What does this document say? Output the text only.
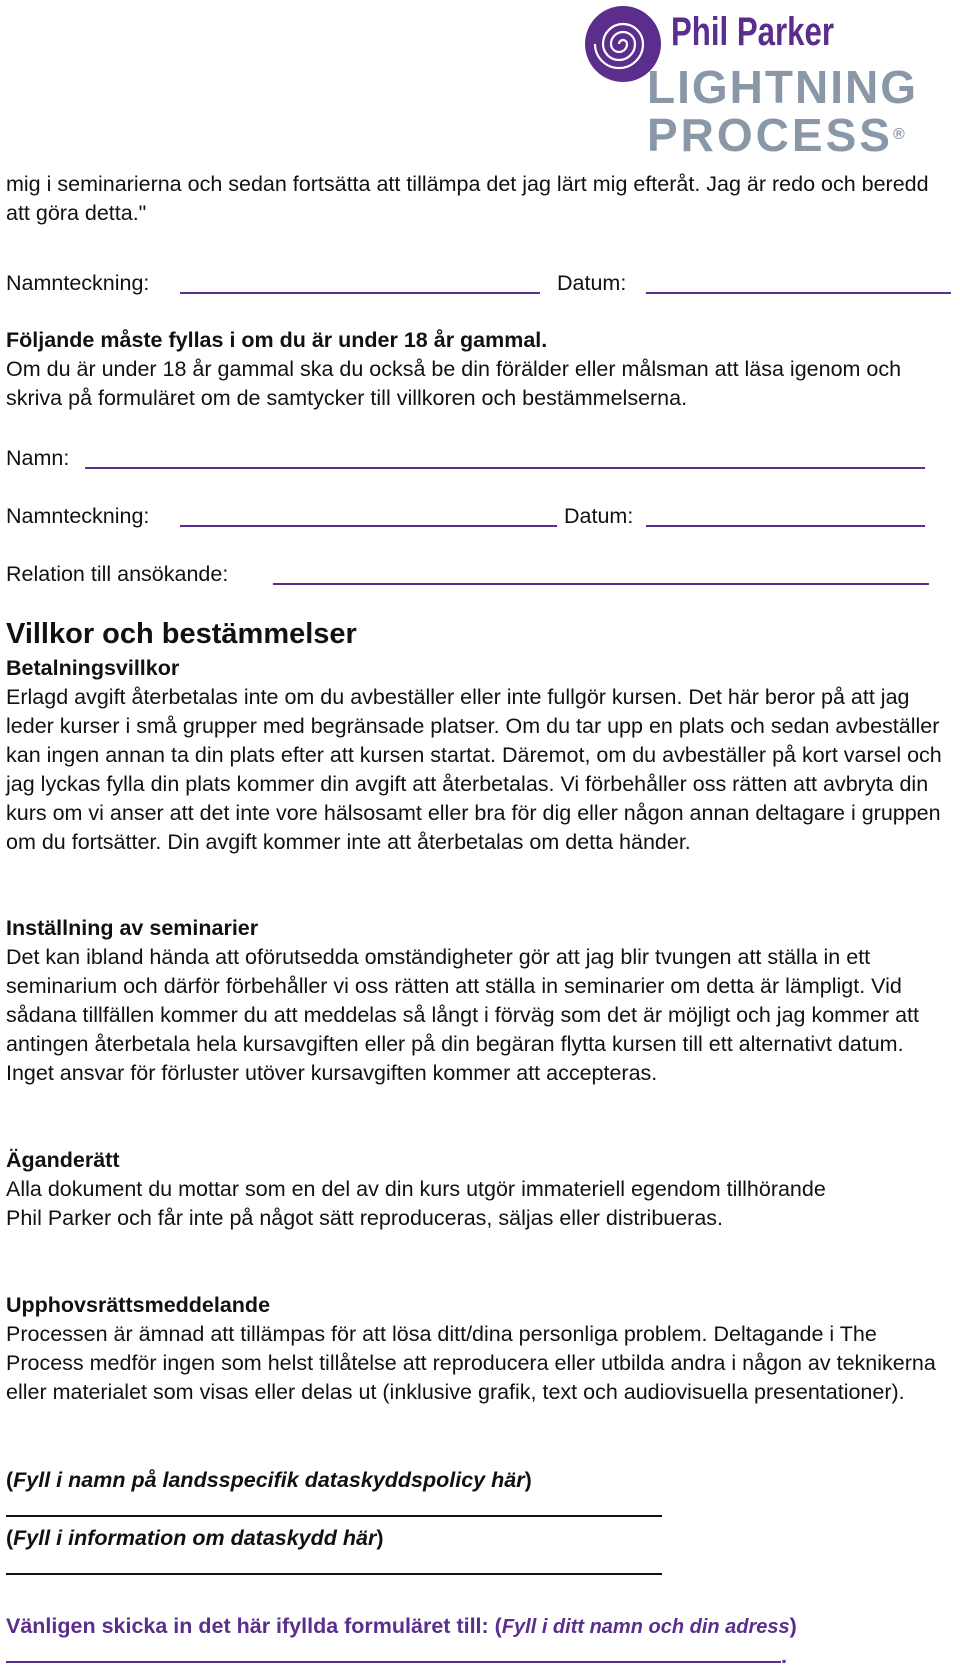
Phil Parker
LIGHTNING
PROCESS®

mig i seminarierna och sedan fortsätta att tillämpa det jag lärt mig efteråt. Jag är redo och beredd att göra detta."

Namnteckning:	Datum:

Följande måste fyllas i om du är under 18 år gammal.

Om du är under 18 år gammal ska du också be din förälder eller målsman att läsa igenom och skriva på formuläret om de samtycker till villkoren och bestämmelserna.

Namn:
Namnteckning:	Datum:
Relation till ansökande:
Villkor och bestämmelser
Betalningsvillkor

Erlagd avgift återbetalas inte om du avbeställer eller inte fullgör kursen. Det här beror på att jag leder kurser i små grupper med begränsade platser. Om du tar upp en plats och sedan avbeställer kan ingen annan ta din plats efter att kursen startat. Däremot, om du avbeställer på kort varsel och jag lyckas fylla din plats kommer din avgift att återbetalas. Vi förbehåller oss rätten att avbryta din kurs om vi anser att det inte vore hälsosamt eller bra för dig eller någon annan deltagare i gruppen om du fortsätter. Din avgift kommer inte att återbetalas om detta händer.

Inställning av seminarier

Det kan ibland hända att oförutsedda omständigheter gör att jag blir tvungen att ställa in ett seminarium och därför förbehåller vi oss rätten att ställa in seminarier om detta är lämpligt. Vid sådana tillfällen kommer du att meddelas så långt i förväg som det är möjligt och jag kommer att antingen återbetala hela kursavgiften eller på din begäran flytta kursen till ett alternativt datum. Inget ansvar för förluster utöver kursavgiften kommer att accepteras.

Äganderätt

Alla dokument du mottar som en del av din kurs utgör immateriell egendom tillhörande Phil Parker och får inte på något sätt reproduceras, säljas eller distribueras.

Upphovsrättsmeddelande

Processen är ämnad att tillämpas för att lösa ditt/dina personliga problem. Deltagande i The Process medför ingen som helst tillåtelse att reproducera eller utbilda andra i någon av teknikerna eller materialet som visas eller delas ut (inklusive grafik, text och audiovisuella presentationer).

(Fyll i namn på landsspecifik dataskyddspolicy här)
(Fyll i information om dataskydd här)
Vänligen skicka in det här ifyllda formuläret till: (Fyll i ditt namn och din adress).
